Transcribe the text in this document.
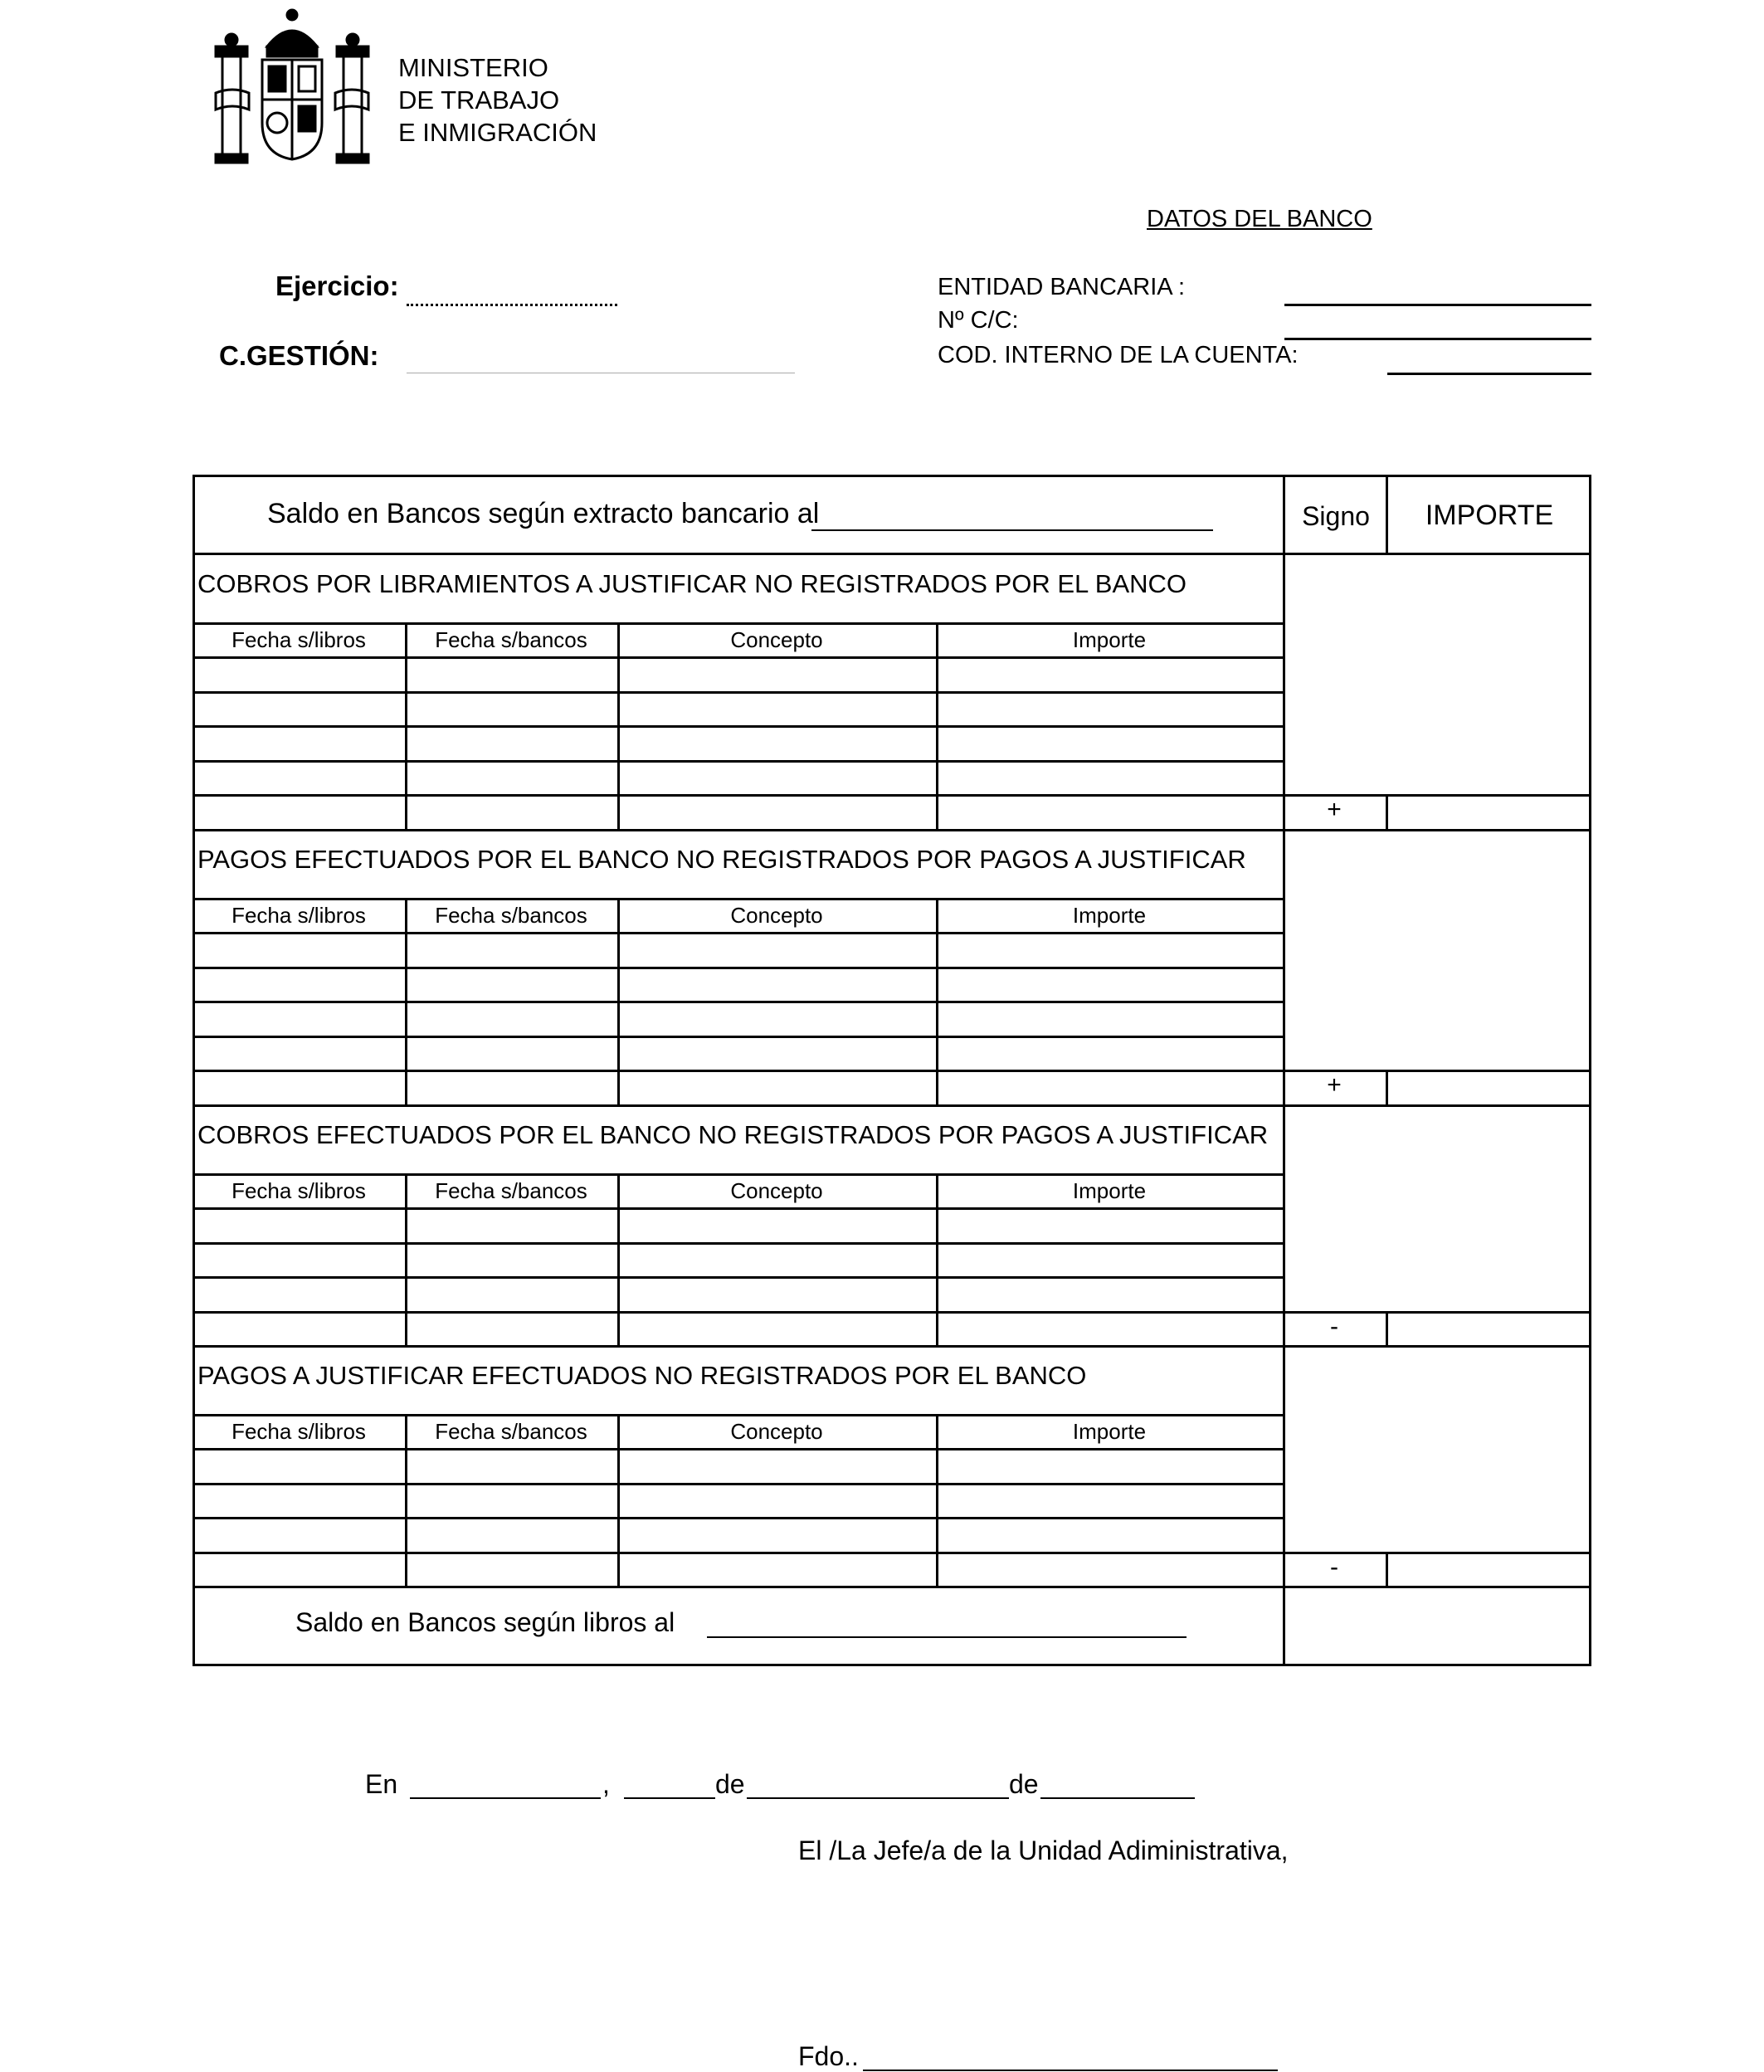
MINISTERIO
DE TRABAJO
E INMIGRACIÓN
DATOS DEL BANCO
Ejercicio:
C.GESTIÓN:
ENTIDAD BANCARIA :
Nº C/C:
COD. INTERNO DE LA CUENTA:
Saldo en Bancos según extracto bancario al	Signo	IMPORTE
COBROS POR LIBRAMIENTOS A JUSTIFICAR NO REGISTRADOS POR EL BANCO
Fecha s/libros	Fecha s/bancos	Concepto	Importe
+
PAGOS EFECTUADOS POR EL BANCO NO REGISTRADOS POR PAGOS A JUSTIFICAR
Fecha s/libros	Fecha s/bancos	Concepto	Importe
+
COBROS EFECTUADOS POR EL BANCO NO REGISTRADOS POR PAGOS A JUSTIFICAR
Fecha s/libros	Fecha s/bancos	Concepto	Importe
-
PAGOS A JUSTIFICAR EFECTUADOS NO REGISTRADOS POR EL BANCO
Fecha s/libros	Fecha s/bancos	Concepto	Importe
-
Saldo en Bancos según libros al
En	,	de	de
El /La Jefe/a de la Unidad Adiministrativa,
Fdo..
